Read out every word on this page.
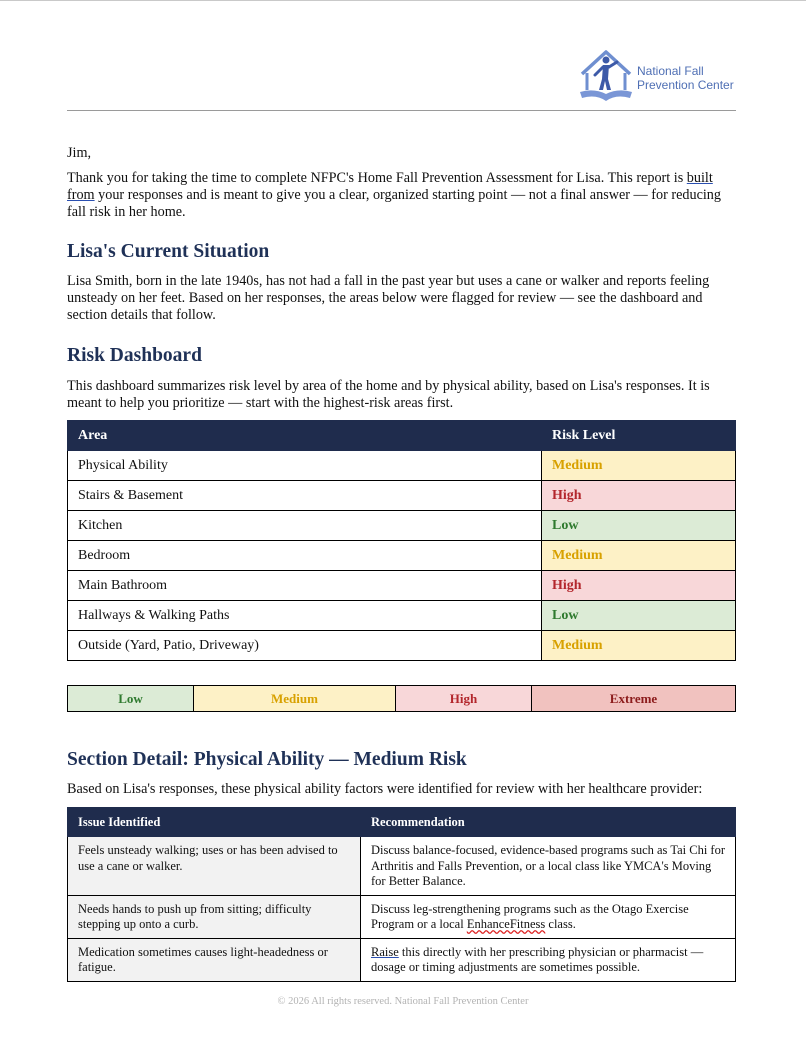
National Fall
Prevention Center

Jim,

Thank you for taking the time to complete NFPC's Home Fall Prevention Assessment for Lisa. This report is built from your responses and is meant to give you a clear, organized starting point — not a final answer — for reducing fall risk in her home.

Lisa's Current Situation

Lisa Smith, born in the late 1940s, has not had a fall in the past year but uses a cane or walker and reports feeling unsteady on her feet. Based on her responses, the areas below were flagged for review — see the dashboard and section details that follow.

Risk Dashboard

This dashboard summarizes risk level by area of the home and by physical ability, based on Lisa's responses. It is meant to help you prioritize — start with the highest-risk areas first.

Area	Risk Level
Physical Ability	Medium
Stairs & Basement	High
Kitchen	Low
Bedroom	Medium
Main Bathroom	High
Hallways & Walking Paths	Low
Outside (Yard, Patio, Driveway)	Medium
Low	Medium	High	Extreme
Section Detail: Physical Ability — Medium Risk

Based on Lisa's responses, these physical ability factors were identified for review with her healthcare provider:

Issue Identified	Recommendation
Feels unsteady walking; uses or has been advised to use a cane or walker.	Discuss balance-focused, evidence-based programs such as Tai Chi for Arthritis and Falls Prevention, or a local class like YMCA's Moving for Better Balance.
Needs hands to push up from sitting; difficulty stepping up onto a curb.	Discuss leg-strengthening programs such as the Otago Exercise Program or a local EnhanceFitness class.
Medication sometimes causes light-headedness or fatigue.	Raise this directly with her prescribing physician or pharmacist — dosage or timing adjustments are sometimes possible.
© 2026 All rights reserved. National Fall Prevention Center
